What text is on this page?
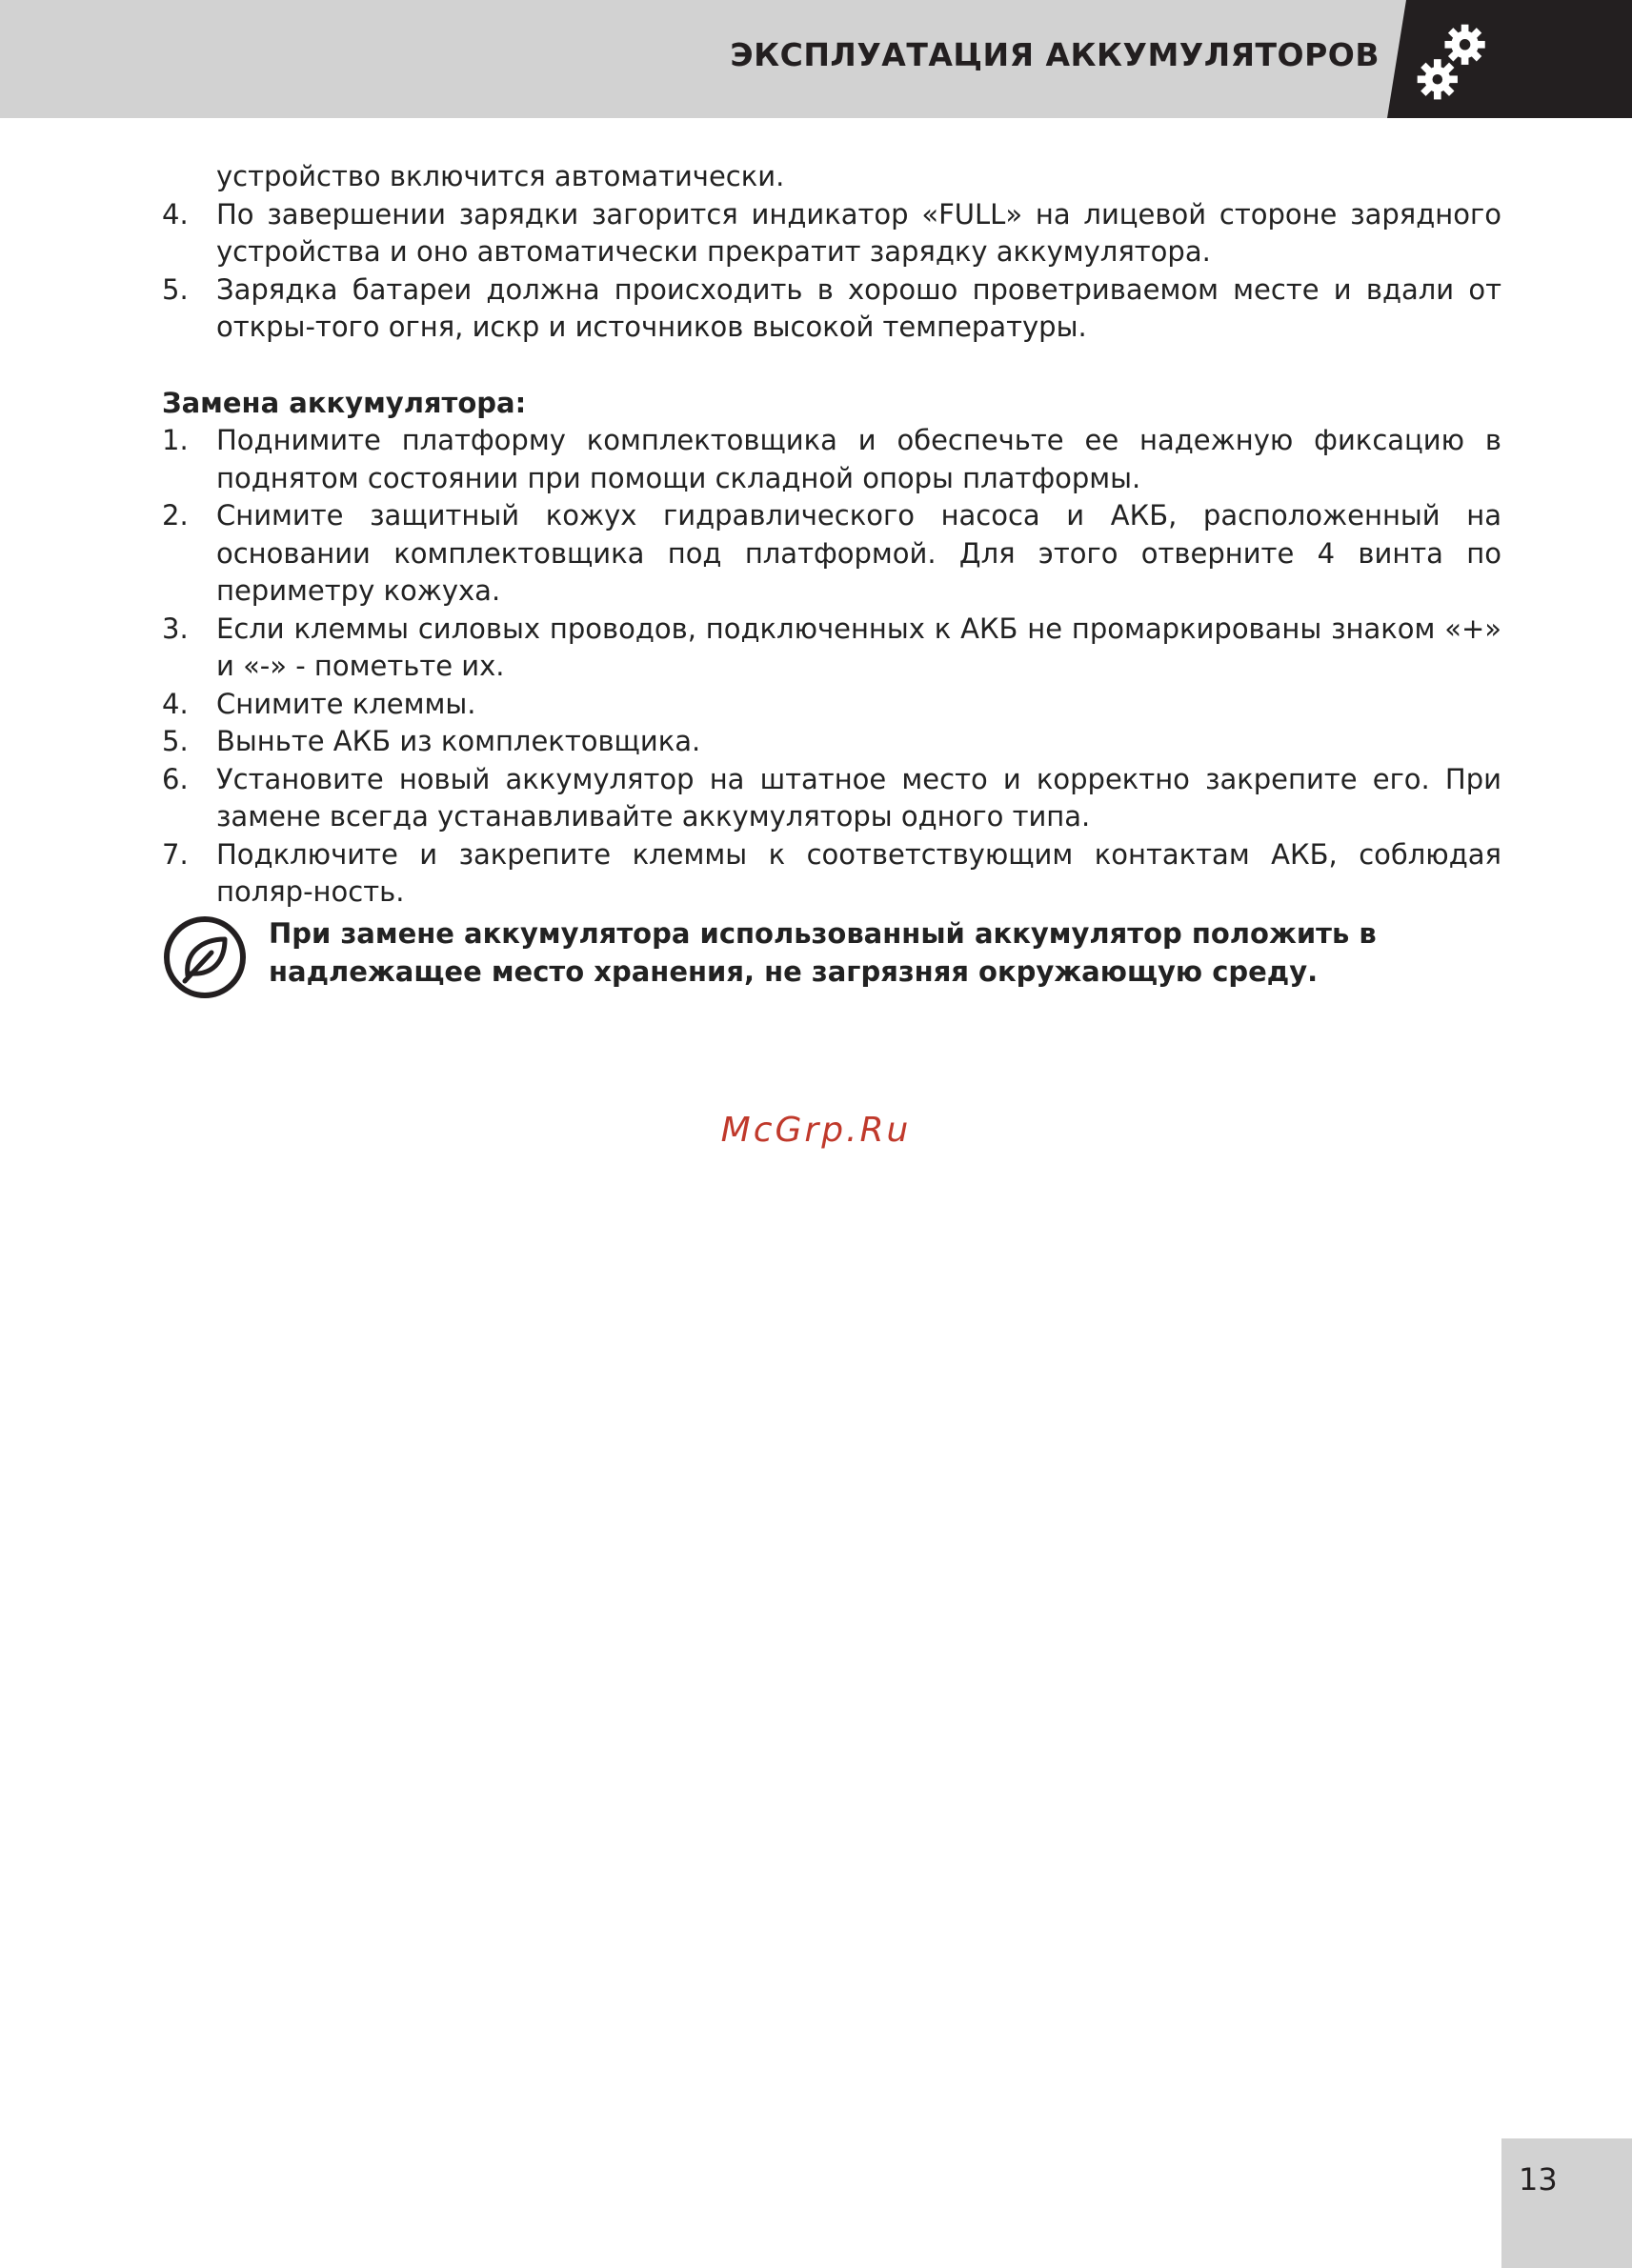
ЭКСПЛУАТАЦИЯ АККУМУЛЯТОРОВ
устройство включится автоматически.
4. По завершении зарядки загорится индикатор «FULL» на лицевой стороне зарядного устройства и оно автоматически прекратит зарядку аккумулятора.
5. Зарядка батареи должна происходить в хорошо проветриваемом месте и вдали от откры-того огня, искр и источников высокой температуры.
Замена аккумулятора:
1. Поднимите платформу комплектовщика и обеспечьте ее надежную фиксацию в поднятом состоянии при помощи складной опоры платформы.
2. Снимите защитный кожух гидравлического насоса и АКБ, расположенный на основании комплектовщика под платформой. Для этого отверните 4 винта по периметру кожуха.
3. Если клеммы силовых проводов, подключенных к АКБ не промаркированы знаком «+» и «-» - пометьте их.
4. Снимите клеммы.
5. Выньте АКБ из комплектовщика.
6. Установите новый аккумулятор на штатное место и корректно закрепите его. При замене всегда устанавливайте аккумуляторы одного типа.
7. Подключите и закрепите клеммы к соответствующим контактам АКБ, соблюдая поляр-ность.
При замене аккумулятора использованный аккумулятор положить в надлежащее место хранения, не загрязняя окружающую среду.
McGrp.Ru
13
